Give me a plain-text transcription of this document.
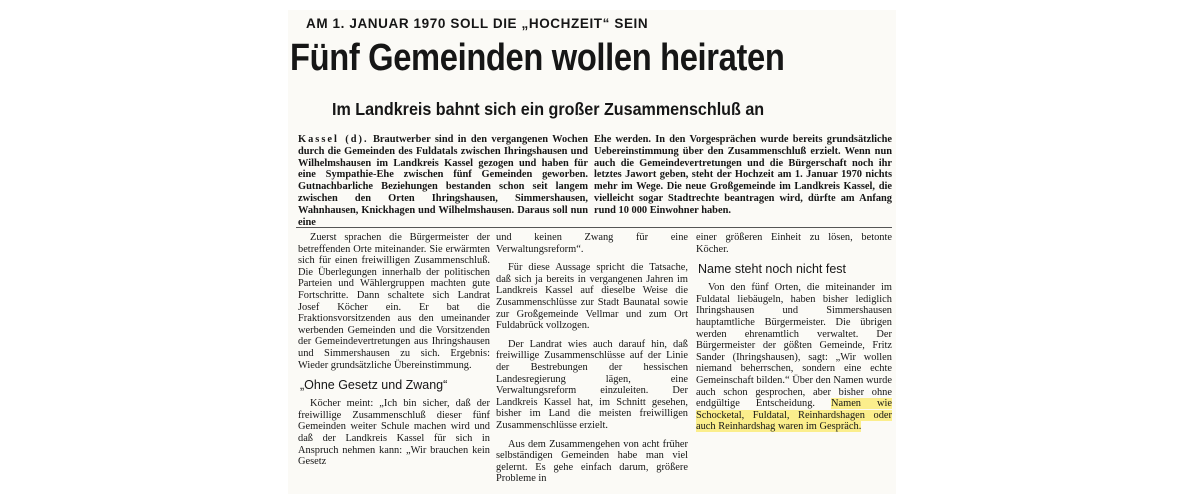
AM 1. JANUAR 1970 SOLL DIE „HOCHZEIT“ SEIN
Fünf Gemeinden wollen heiraten
Im Landkreis bahnt sich ein großer Zusammenschluß an

Kassel (d). Brautwerber sind in den vergangenen Wochen durch die Gemeinden des Fuldatals zwischen Ihringshausen und Wilhelmshausen im Landkreis Kassel gezogen und haben für eine Sympathie-Ehe zwischen fünf Gemeinden geworben. Gutnachbarliche Beziehungen bestanden schon seit langem zwischen den Orten Ihringshausen, Simmershausen, Wahnhausen, Knickhagen und Wilhelmshausen. Daraus soll nun eine

Ehe werden. In den Vorgesprächen wurde bereits grundsätzliche Uebereinstimmung über den Zusammenschluß erzielt. Wenn nun auch die Gemeindevertretungen und die Bürgerschaft noch ihr letztes Jawort geben, steht der Hochzeit am 1. Januar 1970 nichts mehr im Wege. Die neue Großgemeinde im Landkreis Kassel, die vielleicht sogar Stadtrechte beantragen wird, dürfte am Anfang rund 10 000 Einwohner haben.

Zuerst sprachen die Bürgermeister der betreffenden Orte miteinander. Sie erwärmten sich für einen freiwilligen Zusammenschluß. Die Überlegungen innerhalb der politischen Parteien und Wählergruppen machten gute Fortschritte. Dann schaltete sich Landrat Josef Köcher ein. Er bat die Fraktionsvorsitzenden aus den umeinander werbenden Gemeinden und die Vorsitzenden der Gemeindevertretungen aus Ihringshausen und Simmershausen zu sich. Ergebnis: Wieder grundsätzliche Übereinstimmung.

„Ohne Gesetz und Zwang“

Köcher meint: „Ich bin sicher, daß der freiwillige Zusammenschluß dieser fünf Gemeinden weiter Schule machen wird und daß der Landkreis Kassel für sich in Anspruch nehmen kann: „Wir brauchen kein Gesetz

und keinen Zwang für eine Verwaltungsreform“.

Für diese Aussage spricht die Tatsache, daß sich ja bereits in vergangenen Jahren im Landkreis Kassel auf dieselbe Weise die Zusammenschlüsse zur Stadt Baunatal sowie zur Großgemeinde Vellmar und zum Ort Fuldabrück vollzogen.

Der Landrat wies auch darauf hin, daß freiwillige Zusammenschlüsse auf der Linie der Bestrebungen der hessischen Landesregierung lägen, eine Verwaltungsreform einzuleiten. Der Landkreis Kassel hat, im Schnitt gesehen, bisher im Land die meisten freiwilligen Zusammenschlüsse erzielt.

Aus dem Zusammengehen von acht früher selbständigen Gemeinden habe man viel gelernt. Es gehe einfach darum, größere Probleme in

einer größeren Einheit zu lösen, betonte Köcher.

Name steht noch nicht fest

Von den fünf Orten, die miteinander im Fuldatal liebäugeln, haben bisher lediglich Ihringshausen und Simmershausen hauptamtliche Bürgermeister. Die übrigen werden ehrenamtlich verwaltet. Der Bürgermeister der gößten Gemeinde, Fritz Sander (Ihringshausen), sagt: „Wir wollen niemand beherrschen, sondern eine echte Gemeinschaft bilden.“ Über den Namen wurde auch schon gesprochen, aber bisher ohne endgültige Entscheidung. Namen wie Schocketal, Fuldatal, Reinhardshagen oder auch Reinhardshag waren im Gespräch.
